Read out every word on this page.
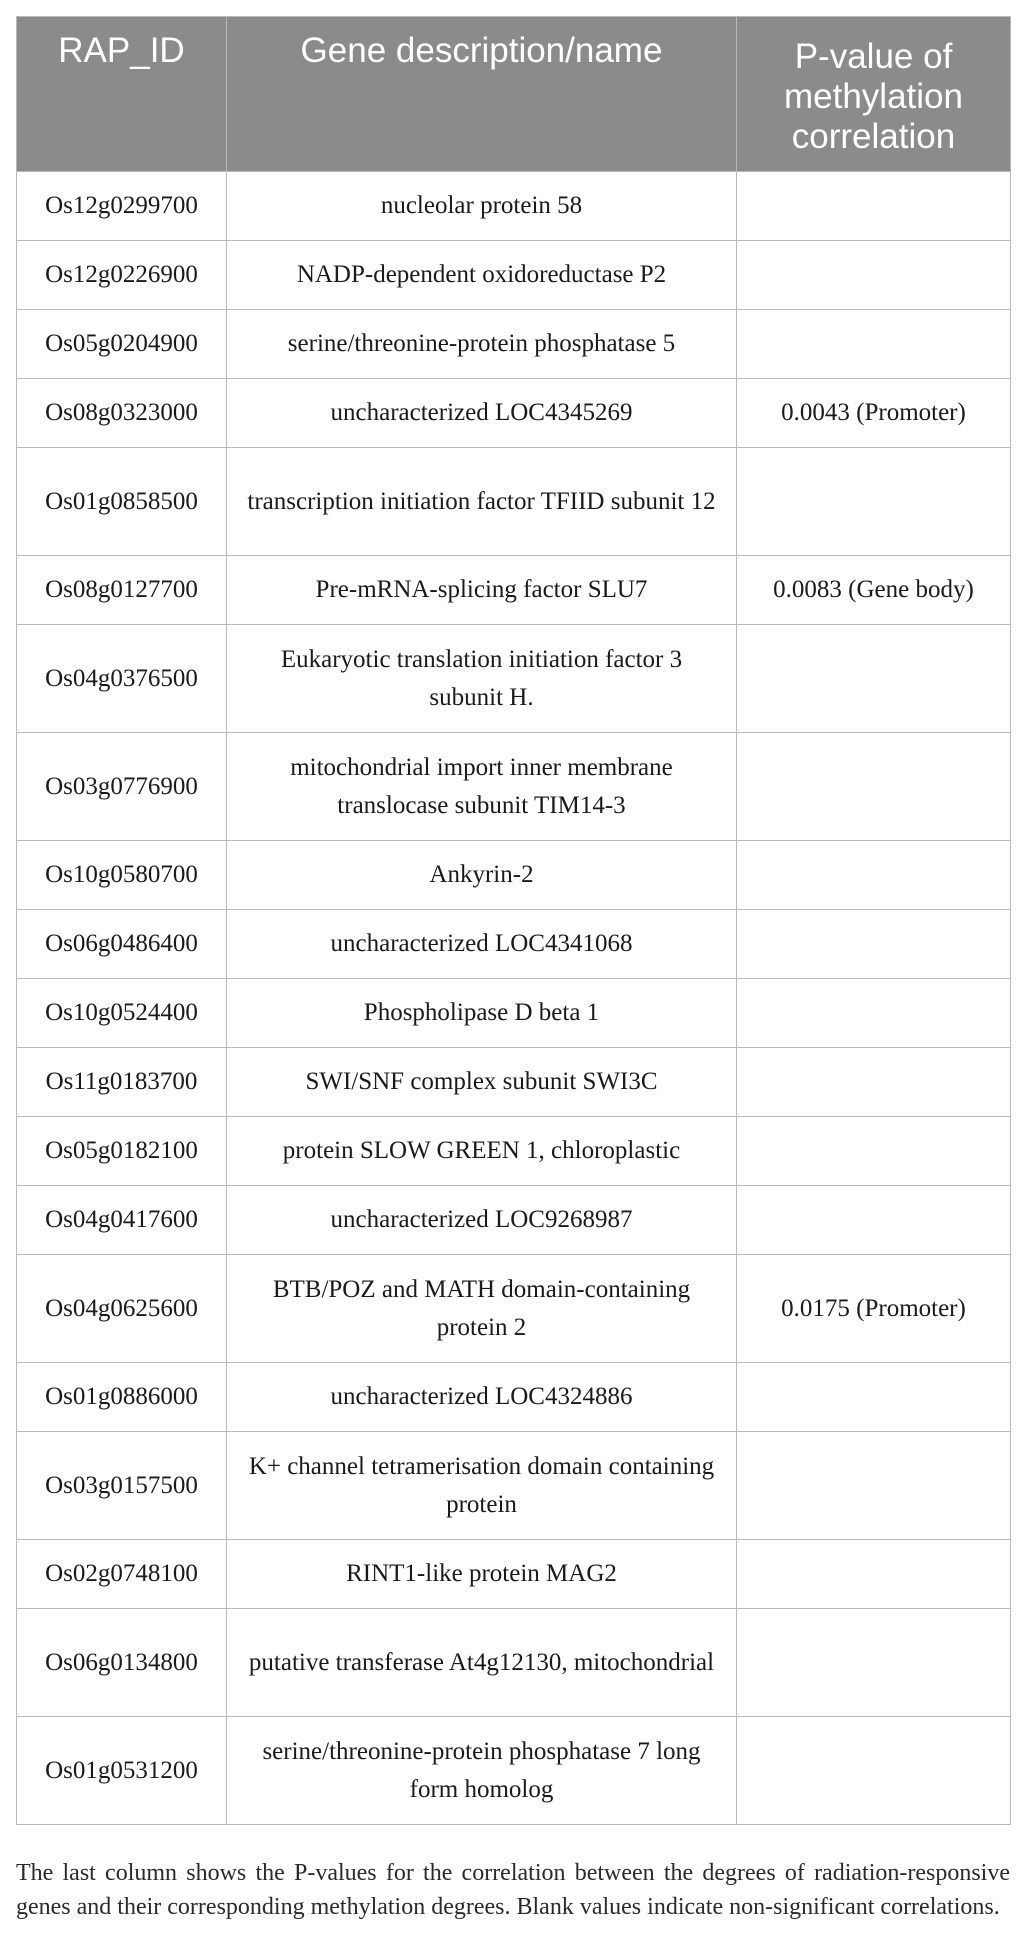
RAP_ID	Gene description/name	P-value of methylation correlation
Os12g0299700	nucleolar protein 58	
Os12g0226900	NADP-dependent oxidoreductase P2	
Os05g0204900	serine/threonine-protein phosphatase 5	
Os08g0323000	uncharacterized LOC4345269	0.0043 (Promoter)
Os01g0858500	transcription initiation factor TFIID subunit 12	
Os08g0127700	Pre-mRNA-splicing factor SLU7	0.0083 (Gene body)
Os04g0376500	Eukaryotic translation initiation factor 3 subunit H.	
Os03g0776900	mitochondrial import inner membrane translocase subunit TIM14-3	
Os10g0580700	Ankyrin-2	
Os06g0486400	uncharacterized LOC4341068	
Os10g0524400	Phospholipase D beta 1	
Os11g0183700	SWI/SNF complex subunit SWI3C	
Os05g0182100	protein SLOW GREEN 1, chloroplastic	
Os04g0417600	uncharacterized LOC9268987	
Os04g0625600	BTB/POZ and MATH domain-containing protein 2	0.0175 (Promoter)
Os01g0886000	uncharacterized LOC4324886	
Os03g0157500	K+ channel tetramerisation domain containing protein	
Os02g0748100	RINT1-like protein MAG2	
Os06g0134800	putative transferase At4g12130, mitochondrial	
Os01g0531200	serine/threonine-protein phosphatase 7 long form homolog	

The last column shows the P-values for the correlation between the degrees of radiation-responsive genes and their corresponding methylation degrees. Blank values indicate non-significant correlations.
